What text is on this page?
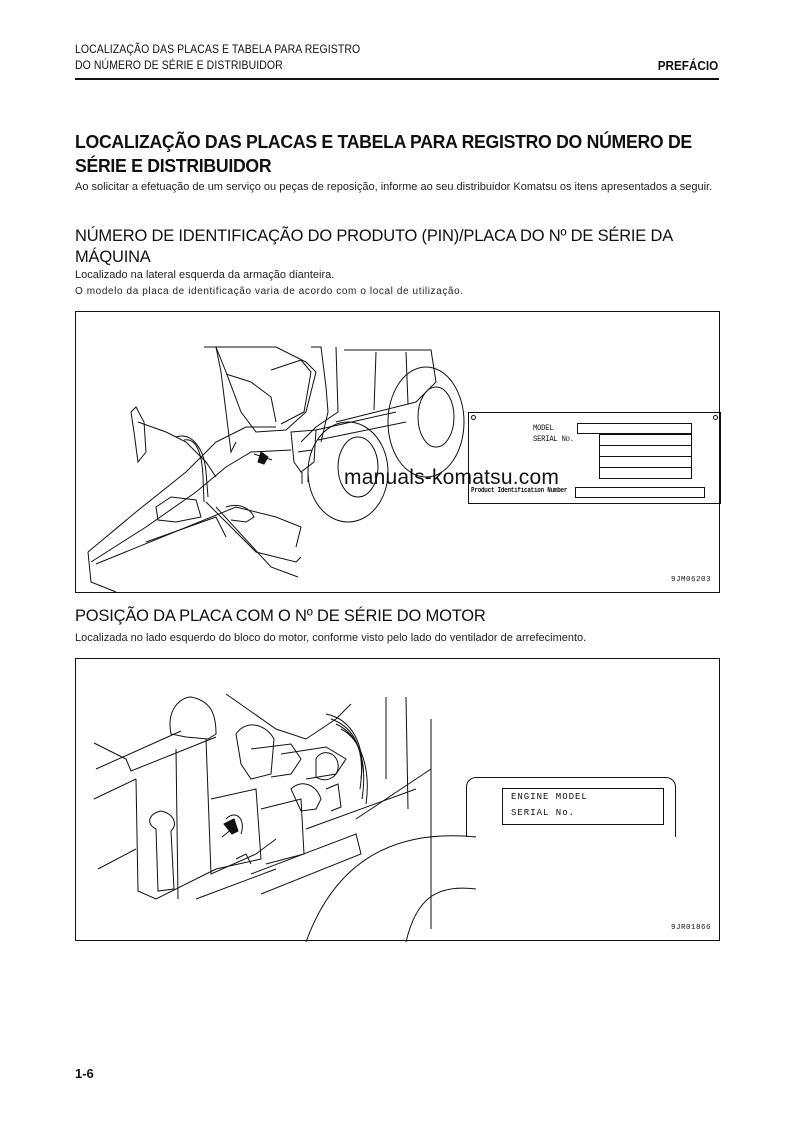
LOCALIZAÇÃO DAS PLACAS E TABELA PARA REGISTRO
DO NÚMERO DE SÉRIE E DISTRIBUIDOR	PREFÁCIO
LOCALIZAÇÃO DAS PLACAS E TABELA PARA REGISTRO DO NÚMERO DE SÉRIE E DISTRIBUIDOR
Ao solicitar a efetuação de um serviço ou peças de reposição, informe ao seu distribuidor Komatsu os itens apresentados a seguir.
NÚMERO DE IDENTIFICAÇÃO DO PRODUTO (PIN)/PLACA DO Nº DE SÉRIE DA MÁQUINA
Localizado na lateral esquerda da armação dianteira.
O modelo da placa de identificação varia de acordo com o local de utilização.
MODEL
SERIAL No.
Product Identification Number
9JM06203
manuals-komatsu.com
POSIÇÃO DA PLACA COM O Nº DE SÉRIE DO MOTOR
Localizada no lado esquerdo do bloco do motor, conforme visto pelo lado do ventilador de arrefecimento.
ENGINE MODEL
SERIAL No.
9JR01866
1-6
